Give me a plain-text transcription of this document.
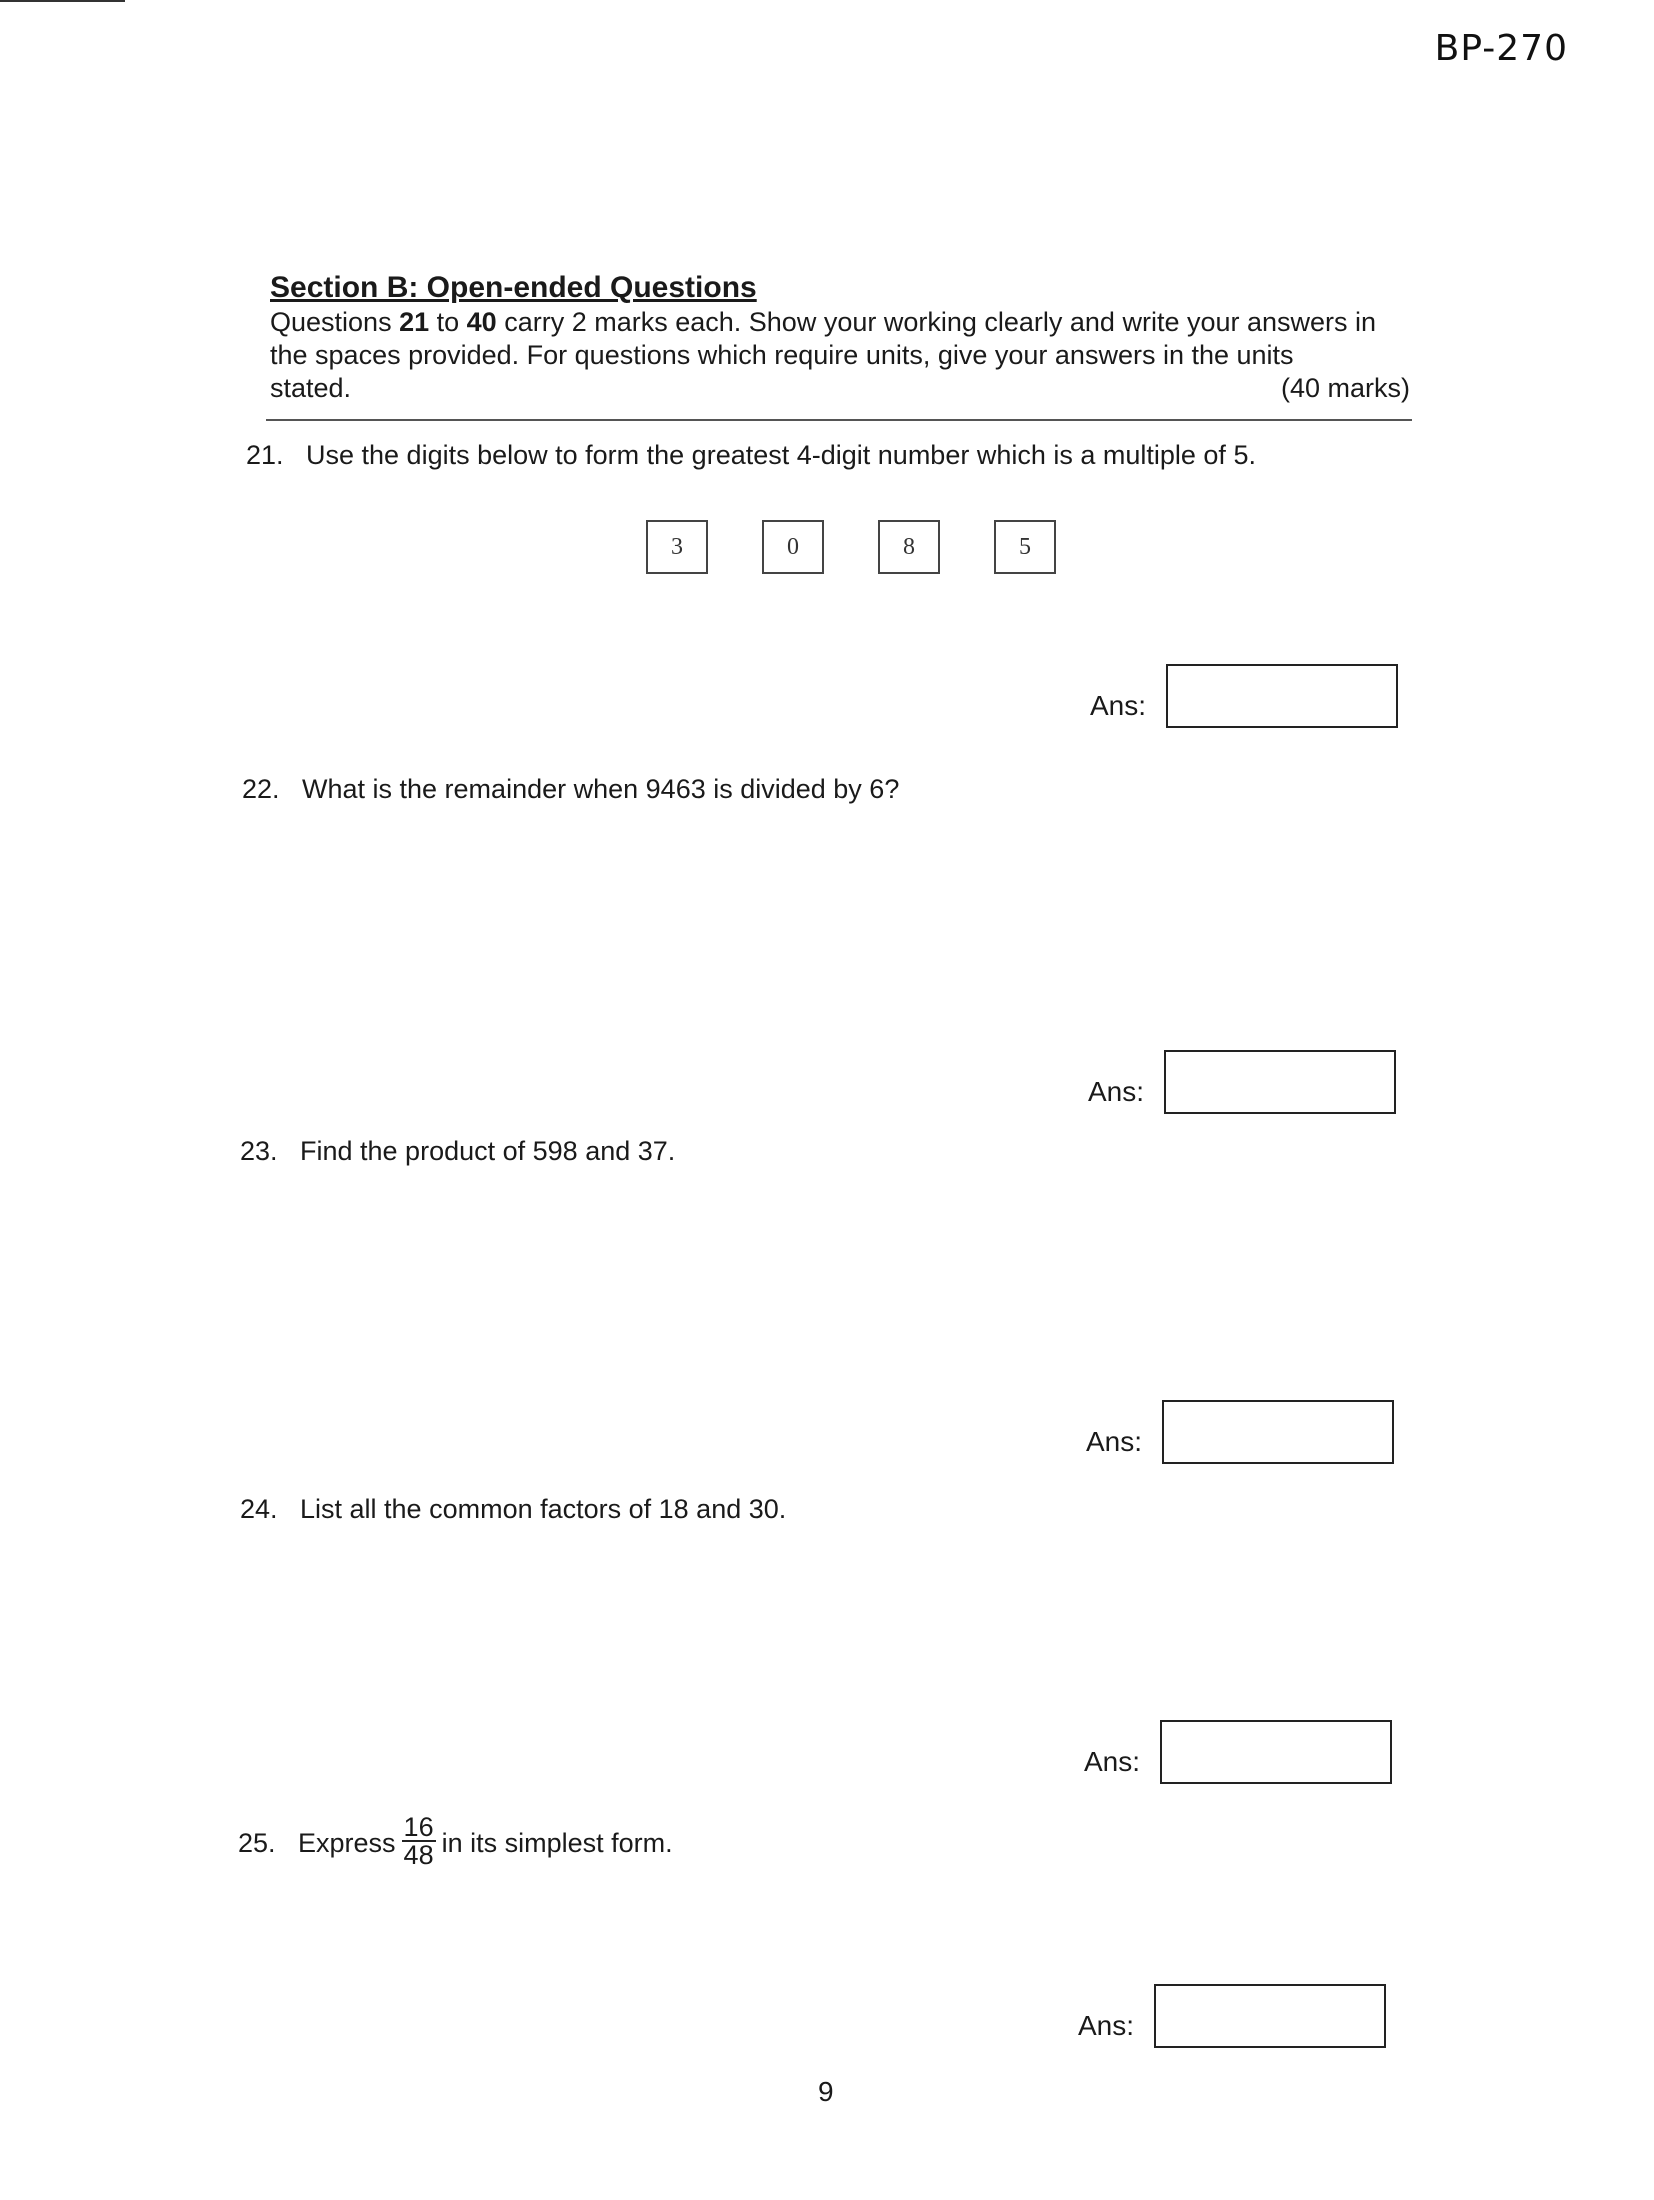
BP-270
Section B: Open-ended Questions

Questions 21 to 40 carry 2 marks each. Show your working clearly and write your answers in the spaces provided. For questions which require units, give your answers in the units

stated.	(40 marks)
21. Use the digits below to form the greatest 4-digit number which is a multiple of 5.
3	0	8	5
Ans:
22. What is the remainder when 9463 is divided by 6?
Ans:
23. Find the product of 598 and 37.
Ans:
24. List all the common factors of 18 and 30.
Ans:
25. Express $\frac{16}{48}$ in its simplest form.
Ans:
9
